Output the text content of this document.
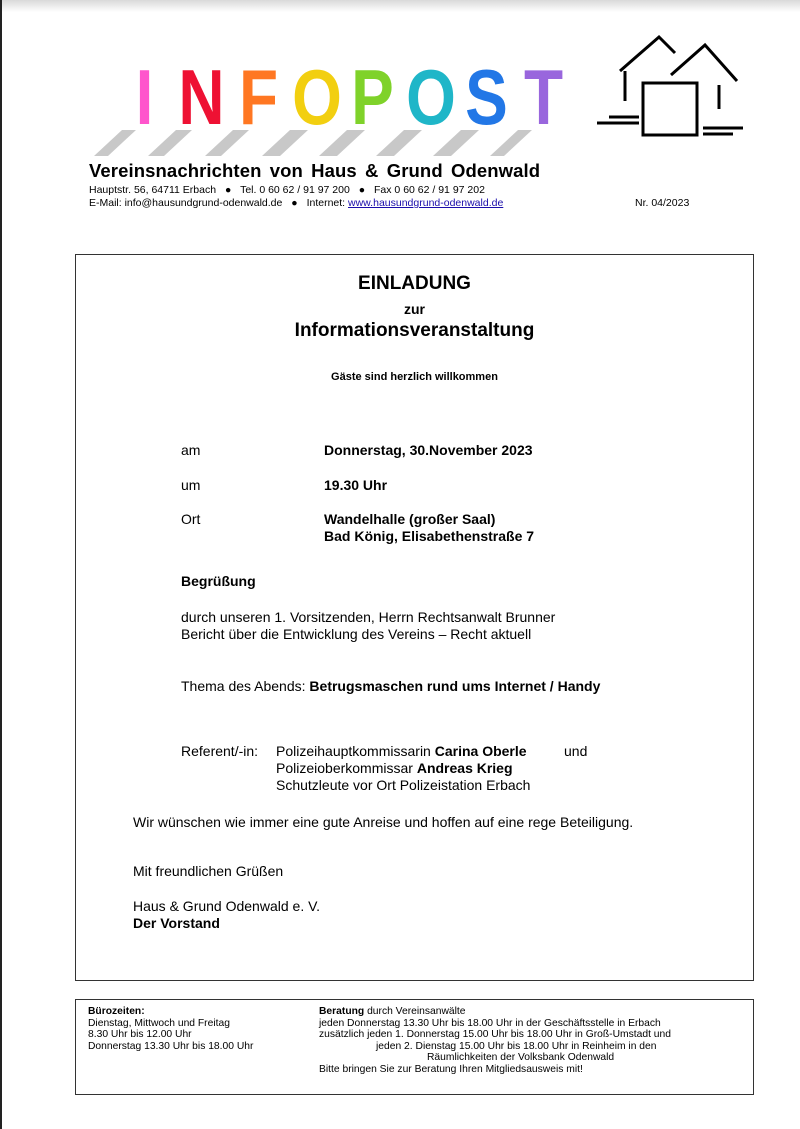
I N F O P O S T
Vereinsnachrichten von Haus & Grund Odenwald
Hauptstr. 56, 64711 Erbach ● Tel. 0 60 62 / 91 97 200 ● Fax 0 60 62 / 91 97 202
E-Mail: info@hausundgrund-odenwald.de ● Internet: www.hausundgrund-odenwald.de	Nr. 04/2023
EINLADUNG
zur
Informationsveranstaltung
Gäste sind herzlich willkommen
am	Donnerstag, 30.November 2023
um	19.30 Uhr
Ort	Wandelhalle (großer Saal)
Bad König, Elisabethenstraße 7
Begrüßung
durch unseren 1. Vorsitzenden, Herrn Rechtsanwalt Brunner
Bericht über die Entwicklung des Vereins – Recht aktuell
Thema des Abends: Betrugsmaschen rund ums Internet / Handy
Referent/-in: Polizeihauptkommissarin Carina Oberle	und
Polizeioberkommissar Andreas Krieg
Schutzleute vor Ort Polizeistation Erbach
Wir wünschen wie immer eine gute Anreise und hoffen auf eine rege Beteiligung.
Mit freundlichen Grüßen
Haus & Grund Odenwald e. V.
Der Vorstand
Bürozeiten:
Dienstag, Mittwoch und Freitag
8.30 Uhr bis 12.00 Uhr
Donnerstag 13.30 Uhr bis 18.00 Uhr
Beratung durch Vereinsanwälte
jeden Donnerstag 13.30 Uhr bis 18.00 Uhr in der Geschäftsstelle in Erbach
zusätzlich jeden 1. Donnerstag 15.00 Uhr bis 18.00 Uhr in Groß-Umstadt und
jeden 2. Dienstag 15.00 Uhr bis 18.00 Uhr in Reinheim in den
Räumlichkeiten der Volksbank Odenwald
Bitte bringen Sie zur Beratung Ihren Mitgliedsausweis mit!
